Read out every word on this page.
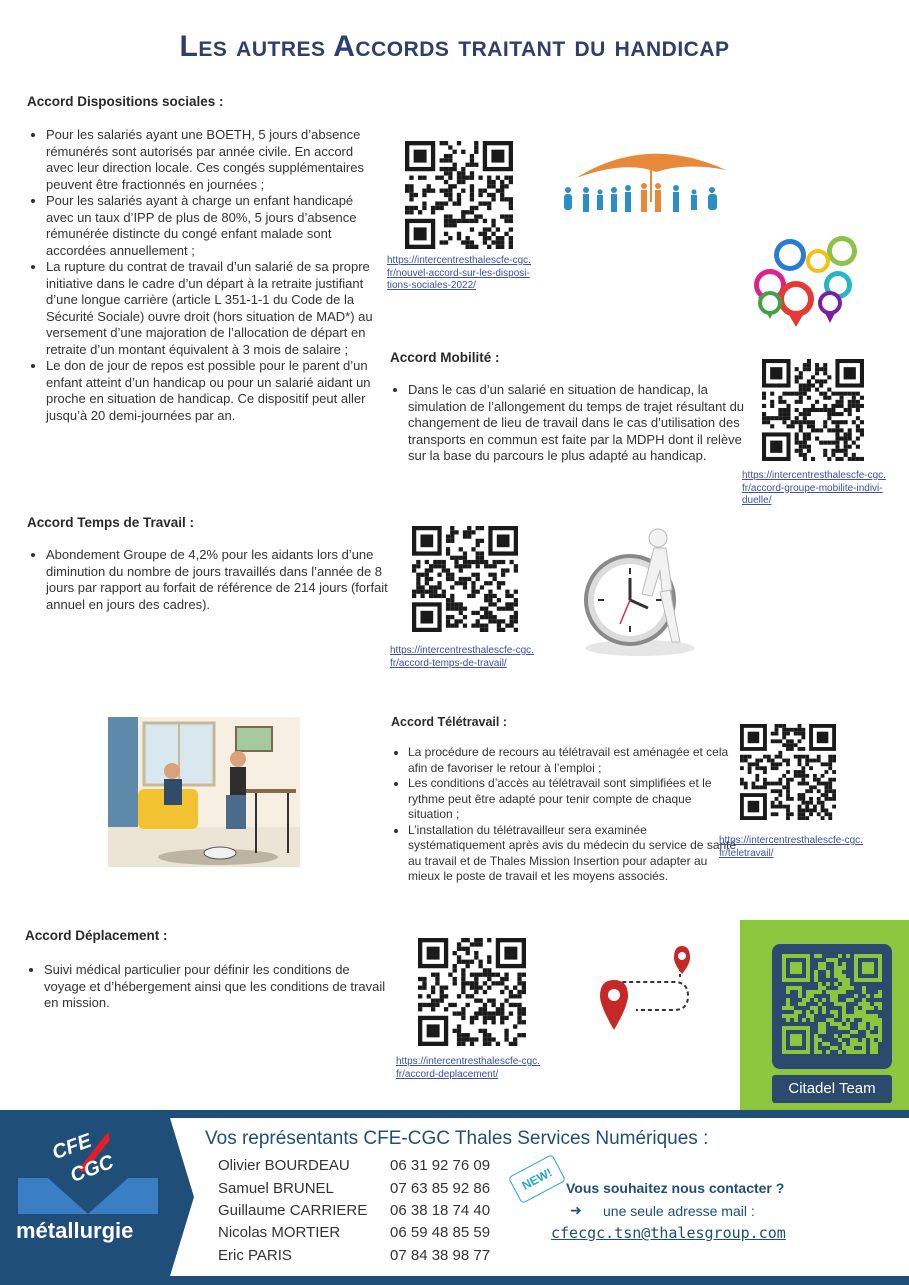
Les autres Accords traitant du handicap
Accord Dispositions sociales :
• Pour les salariés ayant une BOETH, 5 jours d’absence rémunérés sont autorisés par année civile. En accord avec leur direction locale. Ces congés supplémentaires peuvent être fractionnés en journées ;
• Pour les salariés ayant à charge un enfant handicapé avec un taux d’IPP de plus de 80%, 5 jours d’absence rémunérée distincte du congé enfant malade sont accordées annuellement ;
• La rupture du contrat de travail d’un salarié de sa propre initiative dans le cadre d’un départ à la retraite justifiant d’une longue carrière (article L 351-1-1 du Code de la Sécurité Sociale) ouvre droit (hors situation de MAD*) au versement d’une majoration de l’allocation de départ en retraite d’un montant équivalent à 3 mois de salaire ;
• Le don de jour de repos est possible pour le parent d’un enfant atteint d’un handicap ou pour un salarié aidant un proche en situation de handicap. Ce dispositif peut aller jusqu’à 20 demi-journées par an.
https://intercentresthalescfe-cgc.
fr/nouvel-accord-sur-les-disposi-
tions-sociales-2022/
Accord Mobilité :
• Dans le cas d’un salarié en situation de handicap, la simulation de l’allongement du temps de trajet résultant du changement de lieu de travail dans le cas d’utilisation des transports en commun est faite par la MDPH dont il relève sur la base du parcours le plus adapté au handicap.
https://intercentresthalescfe-cgc.
fr/accord-groupe-mobilite-indivi-
duelle/
Accord Temps de Travail :
• Abondement Groupe de 4,2% pour les aidants lors d’une diminution du nombre de jours travaillés dans l’année de 8 jours par rapport au forfait de référence de 214 jours (forfait annuel en jours des cadres).
https://intercentresthalescfe-cgc.
fr/accord-temps-de-travail/
Accord Télétravail :
• La procédure de recours au télétravail est aménagée et cela afin de favoriser le retour à l’emploi ;
• Les conditions d’accès au télétravail sont simplifiées et le rythme peut être adapté pour tenir compte de chaque situation ;
• L’installation du télétravailleur sera examinée systématiquement après avis du médecin du service de santé au travail et de Thales Mission Insertion pour adapter au mieux le poste de travail et les moyens associés.
https://intercentresthalescfe-cgc.
fr/teletravail/
Accord Déplacement :
• Suivi médical particulier pour définir les conditions de voyage et d’hébergement ainsi que les conditions de travail en mission.
https://intercentresthalescfe-cgc.
fr/accord-deplacement/
Citadel Team
CFE
CGC
métallurgie
Vos représentants CFE-CGC Thales Services Numériques :
Olivier BOURDEAU	06 31 92 76 09
Samuel BRUNEL	07 63 85 92 86
Guillaume CARRIERE 06 38 18 74 40
Nicolas MORTIER	06 59 48 85 59
Eric PARIS	07 84 38 98 77
NEW! Vous souhaitez nous contacter ?
➜ une seule adresse mail :
cfecgc.tsn@thalesgroup.com
